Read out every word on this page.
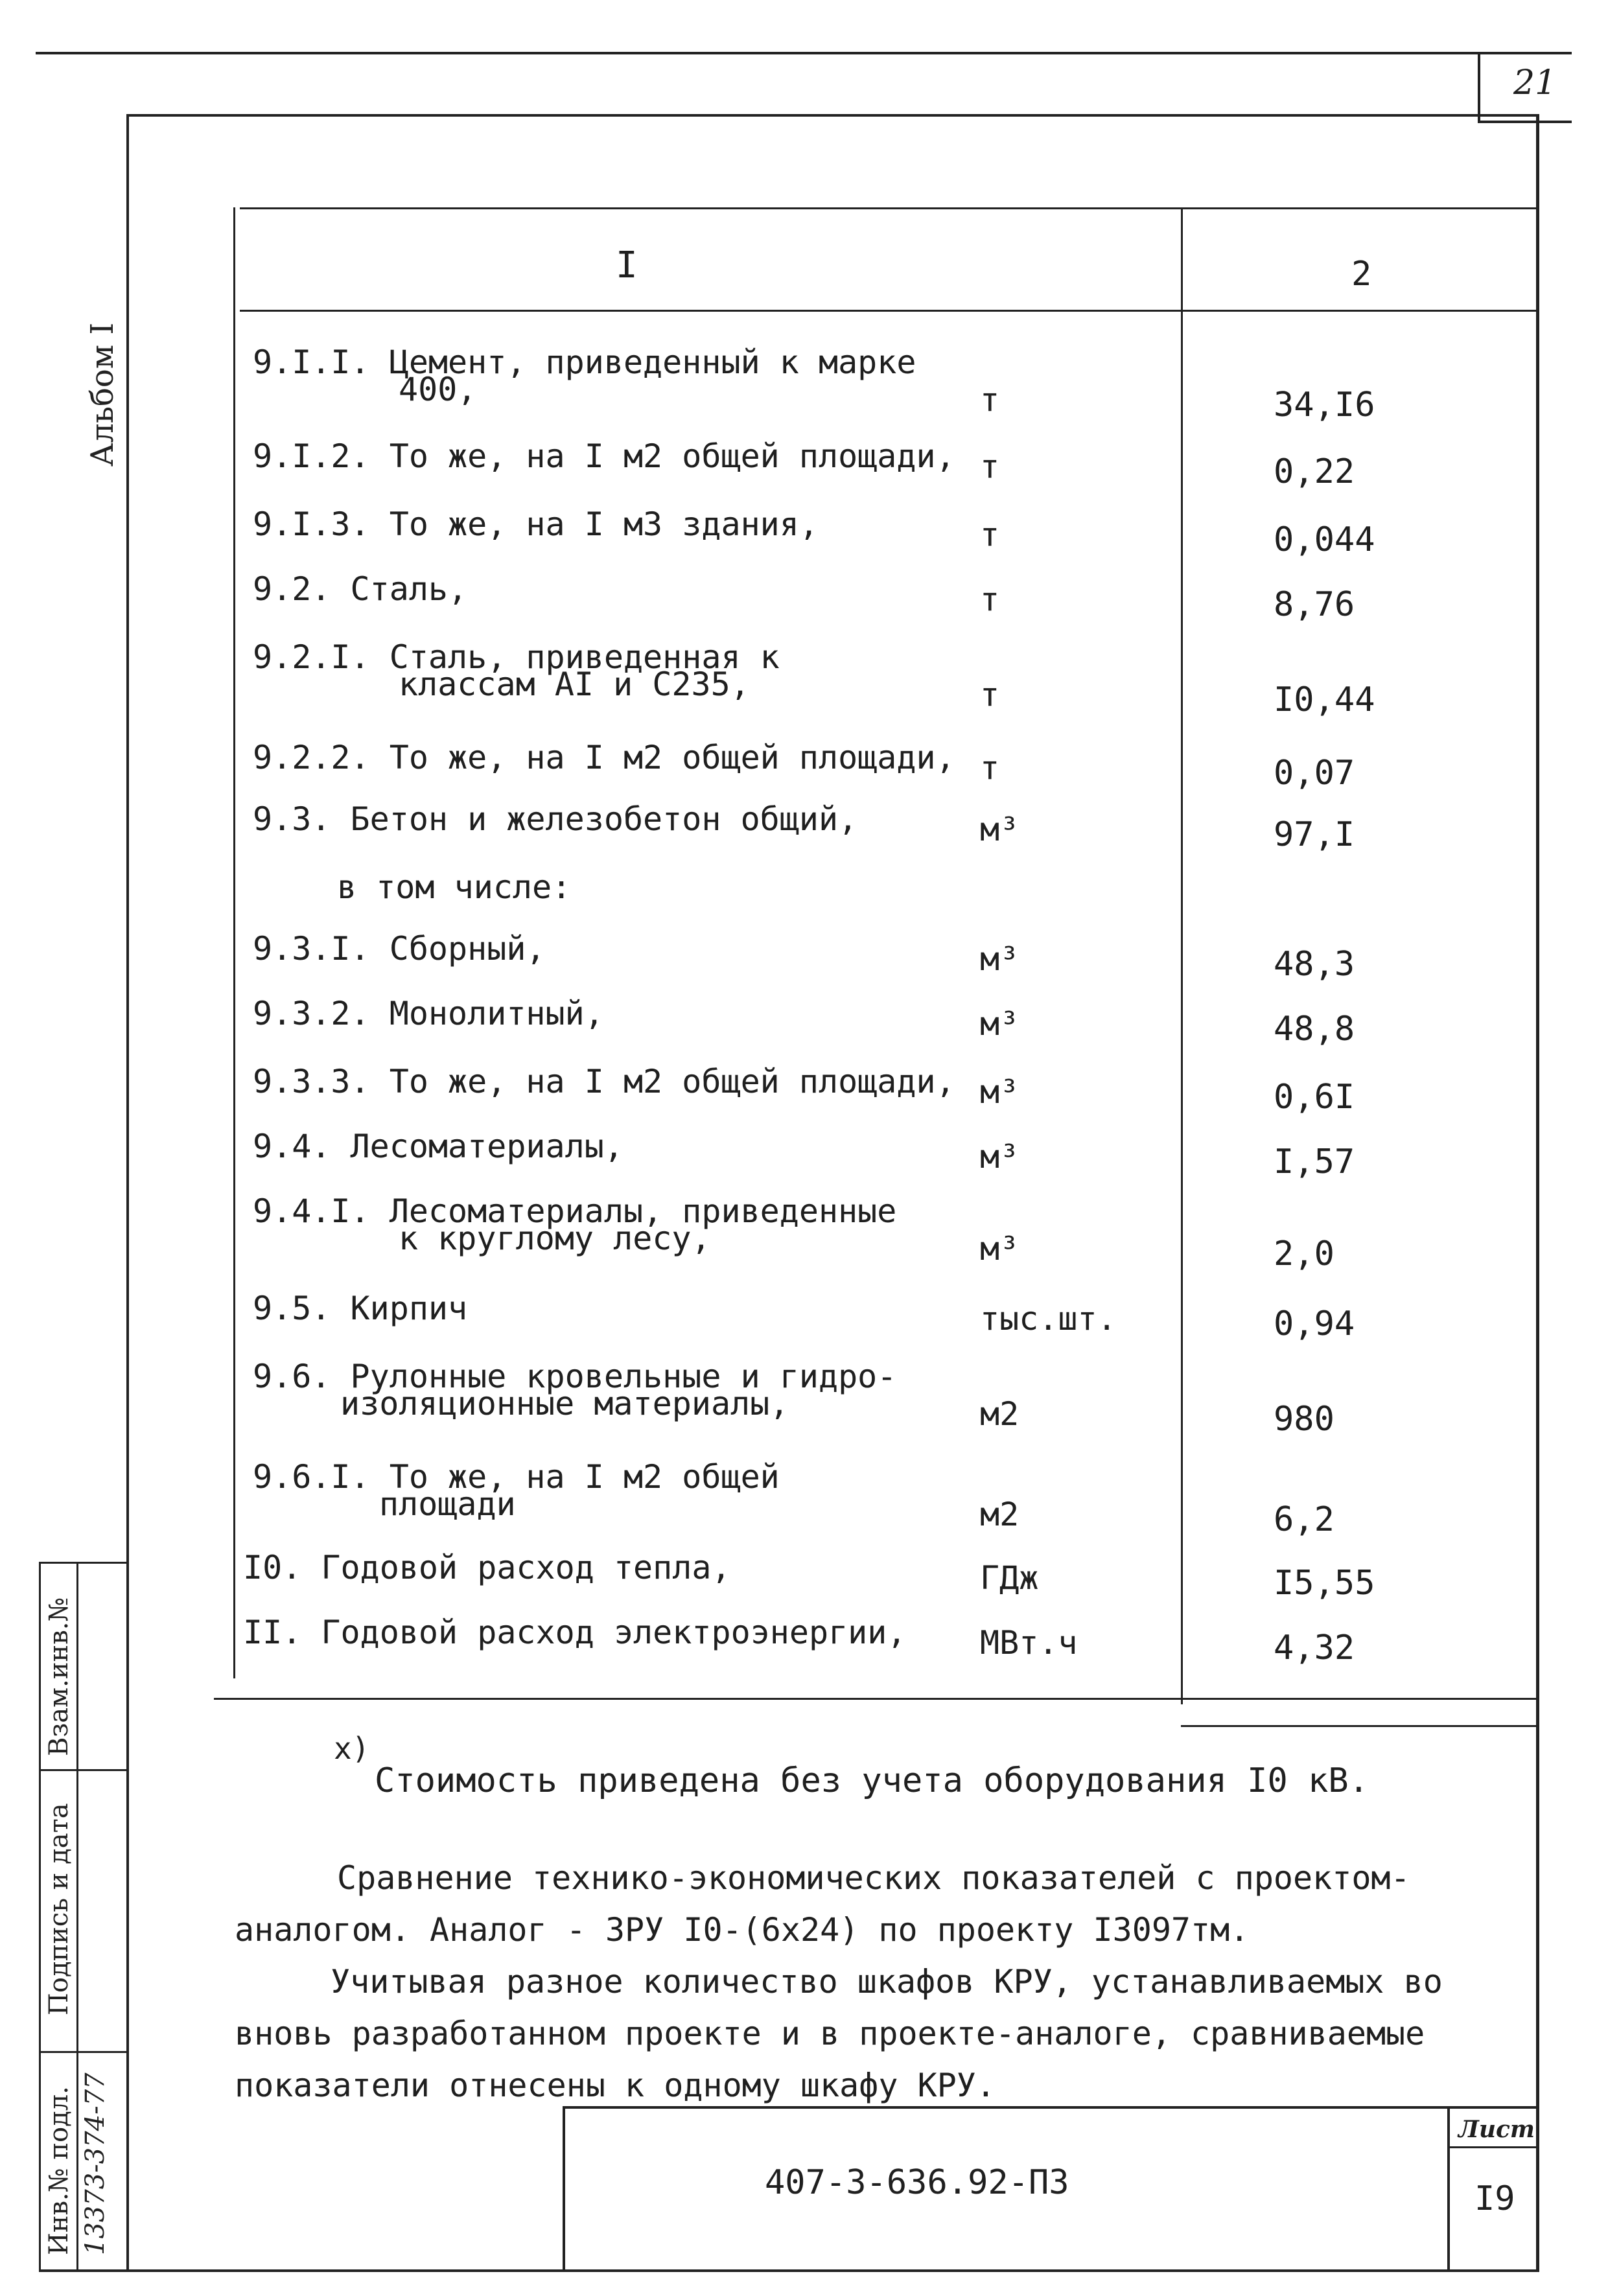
21
Альбом I
Взам.инв.№
Подпись и дата
Инв.№ подл. 13373-374-77
I	2
9.I.I. Цемент, приведенный к марке
400,	т	34,I6
9.I.2. То же, на I м2 общей площади, т	0,22
9.I.3. То же, на I м3 здания,	т	0,044
9.2. Сталь,	т	8,76
9.2.I. Сталь, приведенная к
классам AI и C235,	т	I0,44
9.2.2. То же, на I м2 общей площади, т	0,07
9.3. Бетон и железобетон общий,	м³	97,I
в том числе:
9.3.I. Сборный,	м³	48,3
9.3.2. Монолитный,	м³	48,8
9.3.3. То же, на I м2 общей площади, м³	0,6I
9.4. Лесоматериалы,	м³	I,57
9.4.I. Лесоматериалы, приведенные
к круглому лесу,	м³	2,0
9.5. Кирпич	тыс.шт.	0,94
9.6. Рулонные кровельные и гидро-
изоляционные материалы,	м2	980
9.6.I. То же, на I м2 общей
площади	м2	6,2
I0. Годовой расход тепла,	ГДж	I5,55
II. Годовой расход электроэнергии, МВт.ч	4,32
x)
Стоимость приведена без учета оборудования I0 кВ.
Сравнение технико-экономических показателей с проектом-
аналогом. Аналог - ЗРУ I0-(6x24) по проекту I3097тм.
Учитывая разное количество шкафов КРУ, устанавливаемых во
вновь разработанном проекте и в проекте-аналоге, сравниваемые
показатели отнесены к одному шкафу КРУ.
407-3-636.92-ПЗ
Лист
I9
